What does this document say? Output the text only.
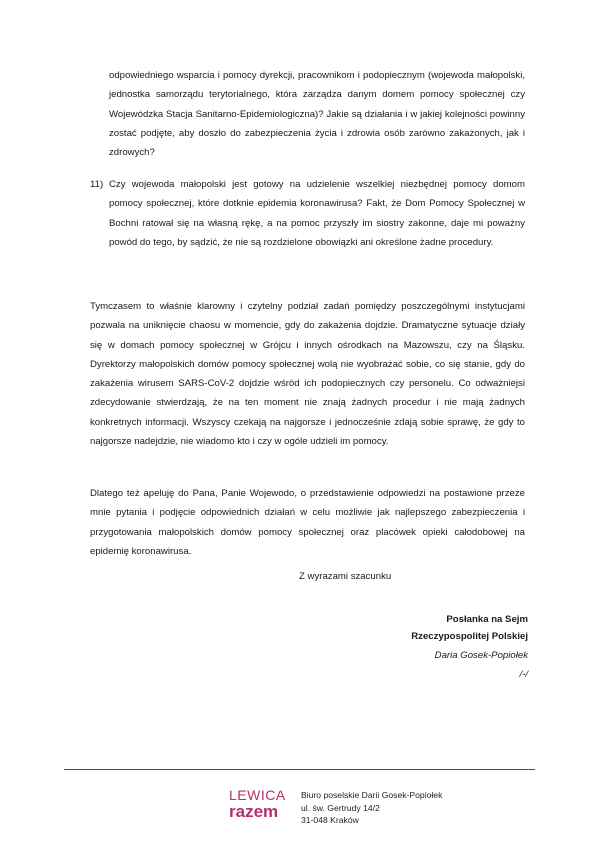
odpowiedniego wsparcia i pomocy dyrekcji, pracownikom i podopiecznym (wojewoda małopolski, jednostka samorządu terytorialnego, która zarządza danym domem pomocy społecznej czy Wojewódzka Stacja Sanitarno-Epidemiologiczna)? Jakie są działania i w jakiej kolejności powinny zostać podjęte, aby doszło do zabezpieczenia życia i zdrowia osób zarówno zakażonych, jak i zdrowych?

11) Czy wojewoda małopolski jest gotowy na udzielenie wszelkiej niezbędnej pomocy domom pomocy społecznej, które dotknie epidemia koronawirusa? Fakt, że Dom Pomocy Społecznej w Bochni ratował się na własną rękę, a na pomoc przyszły im siostry zakonne, daje mi poważny powód do tego, by sądzić, że nie są rozdzielone obowiązki ani określone żadne procedury.

Tymczasem to właśnie klarowny i czytelny podział zadań pomiędzy poszczególnymi instytucjami pozwala na uniknięcie chaosu w momencie, gdy do zakażenia dojdzie. Dramatyczne sytuacje działy się w domach pomocy społecznej w Grójcu i innych ośrodkach na Mazowszu, czy na Śląsku. Dyrektorzy małopolskich domów pomocy społecznej wolą nie wyobrażać sobie, co się stanie, gdy do zakażenia wirusem SARS-CoV-2 dojdzie wśród ich podopiecznych czy personelu. Co odważniejsi zdecydowanie stwierdzają, że na ten moment nie znają żadnych procedur i nie mają żadnych konkretnych informacji. Wszyscy czekają na najgorsze i jednocześnie zdają sobie sprawę, że gdy to najgorsze nadejdzie, nie wiadomo kto i czy w ogóle udzieli im pomocy.

Dlatego też apeluję do Pana, Panie Wojewodo, o przedstawienie odpowiedzi na postawione przeze mnie pytania i podjęcie odpowiednich działań w celu możliwie jak najlepszego zabezpieczenia i przygotowania małopolskich domów pomocy społecznej oraz placówek opieki całodobowej na epidemię koronawirusa.

Z wyrazami szacunku
Posłanka na Sejm
Rzeczypospolitej Polskiej
Daria Gosek-Popiołek
/-/
LEWICA
razem
Biuro poselskie Darii Gosek-Popiołek
ul. św. Gertrudy 14/2
31-048 Kraków
